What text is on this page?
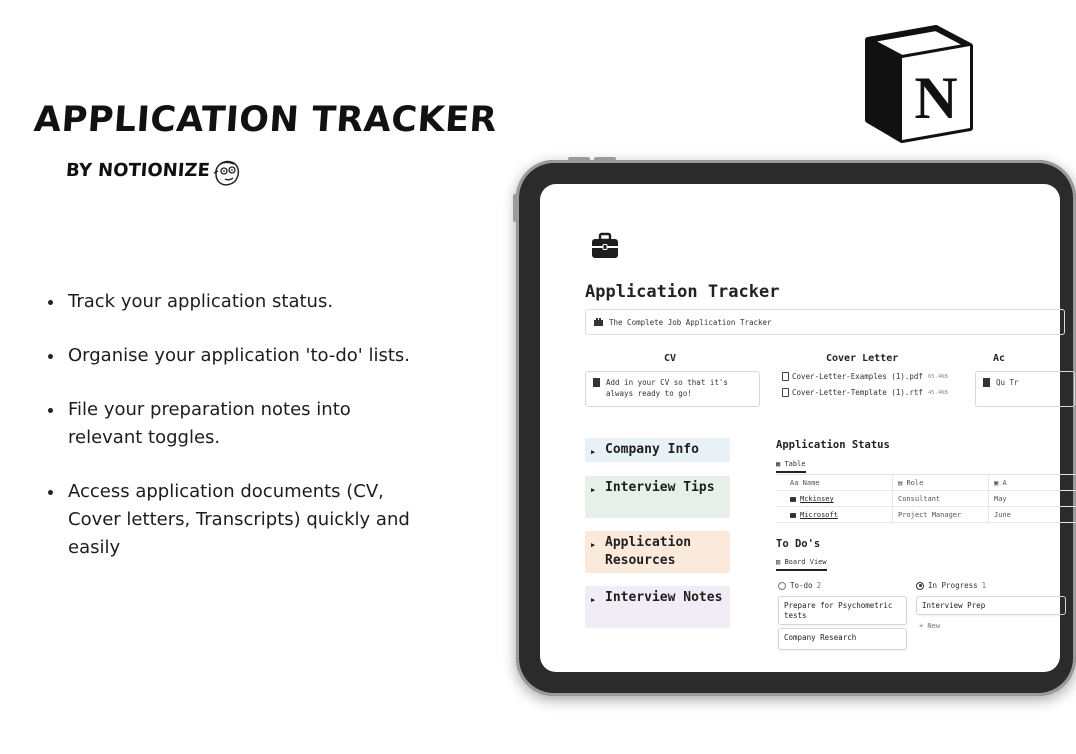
APPLICATION TRACKER
BY NOTIONIZE
Track your application status.
Organise your application 'to-do' lists.
File your preparation notes into relevant toggles.
Access application documents (CV, Cover letters, Transcripts) quickly and easily
N
Application Tracker
The Complete Job Application Tracker
CV	Cover Letter	Ac
Add in your CV so that it's always ready to go!
Cover-Letter-Examples (1).pdf 65.4KB
Cover-Letter-Template (1).rtf 45.4KB
Qu Tr
▶ Company Info
▶ Interview Tips
▶ Application Resources
▶ Interview Notes
Application Status
▦ Table
Aa Name	▤ Role	▣ A
Mckinsey	Consultant	May
Microsoft	Project Manager	June
To Do's
▥ Board View
To-do 2	In Progress 1
Prepare for Psychometric tests
Company Research
Interview Prep
+ New
